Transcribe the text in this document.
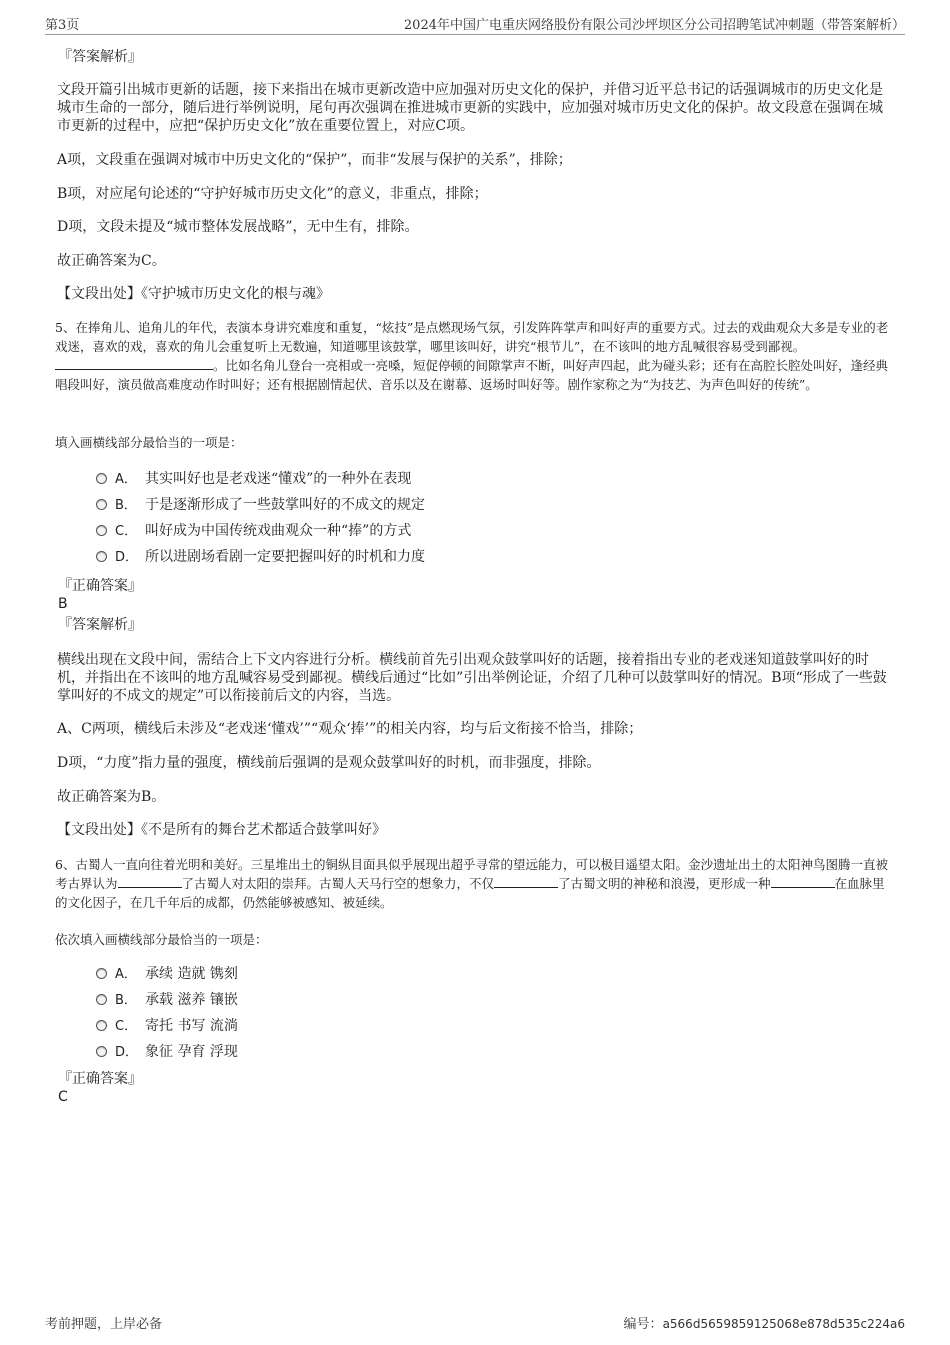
第3页	2024年中国广电重庆网络股份有限公司沙坪坝区分公司招聘笔试冲刺题（带答案解析）
『答案解析』
文段开篇引出城市更新的话题，接下来指出在城市更新改造中应加强对历史文化的保护，并借习近平总书记的话强调城市的历史文化是城市生命的一部分，随后进行举例说明，尾句再次强调在推进城市更新的实践中，应加强对城市历史文化的保护。故文段意在强调在城市更新的过程中，应把“保护历史文化”放在重要位置上，对应C项。
A项，文段重在强调对城市中历史文化的“保护”，而非“发展与保护的关系”，排除；
B项，对应尾句论述的“守护好城市历史文化”的意义，非重点，排除；
D项，文段未提及“城市整体发展战略”，无中生有，排除。
故正确答案为C。
【文段出处】《守护城市历史文化的根与魂》
5、在捧角儿、追角儿的年代，表演本身讲究难度和重复，“炫技”是点燃现场气氛，引发阵阵掌声和叫好声的重要方式。过去的戏曲观众大多是专业的老戏迷，喜欢的戏，喜欢的角儿会重复听上无数遍，知道哪里该鼓掌，哪里该叫好，讲究“根节儿”，在不该叫的地方乱喊很容易受到鄙视。。比如名角儿登台一亮相或一亮嗓，短促停顿的间隙掌声不断，叫好声四起，此为碰头彩；还有在高腔长腔处叫好，逢经典唱段叫好，演员做高难度动作时叫好；还有根据剧情起伏、音乐以及在谢幕、返场时叫好等。剧作家称之为“为技艺、为声色叫好的传统”。
填入画横线部分最恰当的一项是：
A． 其实叫好也是老戏迷“懂戏”的一种外在表现
B． 于是逐渐形成了一些鼓掌叫好的不成文的规定
C． 叫好成为中国传统戏曲观众一种“捧”的方式
D． 所以进剧场看剧一定要把握叫好的时机和力度
『正确答案』
B
『答案解析』
横线出现在文段中间，需结合上下文内容进行分析。横线前首先引出观众鼓掌叫好的话题，接着指出专业的老戏迷知道鼓掌叫好的时机，并指出在不该叫的地方乱喊容易受到鄙视。横线后通过“比如”引出举例论证，介绍了几种可以鼓掌叫好的情况。B项“形成了一些鼓掌叫好的不成文的规定”可以衔接前后文的内容，当选。
A、C两项，横线后未涉及“老戏迷‘懂戏’”“观众‘捧’”的相关内容，均与后文衔接不恰当，排除；
D项，“力度”指力量的强度，横线前后强调的是观众鼓掌叫好的时机，而非强度，排除。
故正确答案为B。
【文段出处】《不是所有的舞台艺术都适合鼓掌叫好》
6、古蜀人一直向往着光明和美好。三星堆出土的铜纵目面具似乎展现出超乎寻常的望远能力，可以极目遥望太阳。金沙遗址出土的太阳神鸟图腾一直被考古界认为	了古蜀人对太阳的崇拜。古蜀人天马行空的想象力，不仅	了古蜀文明的神秘和浪漫，更形成一种	在血脉里的文化因子，在几千年后的成都，仍然能够被感知、被延续。
依次填入画横线部分最恰当的一项是：
A． 承续 造就 镌刻
B． 承载 滋养 镶嵌
C． 寄托 书写 流淌
D． 象征 孕育 浮现
『正确答案』
C
考前押题，上岸必备	编号：a566d5659859125068e878d535c224a6
